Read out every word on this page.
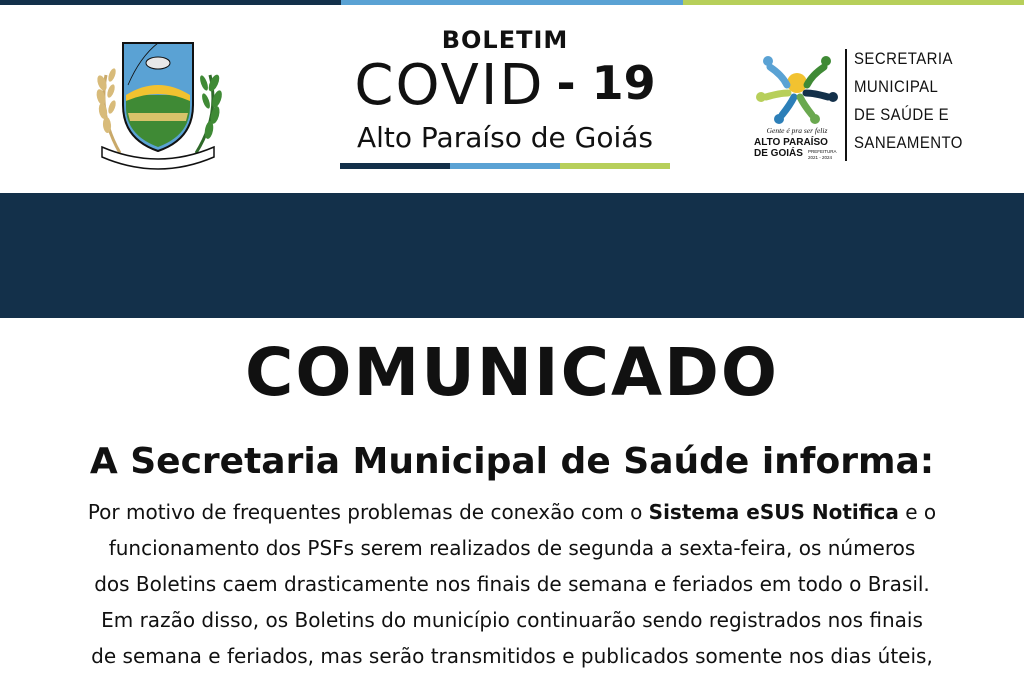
BOLETIM
COVID - 19
Alto Paraíso de Goiás	Gente é pra ser feliz
ALTO PARAÍSO
DE GOIÁS PREFEITURA
2021 - 2024
SECRETARIA
MUNICIPAL
DE SAÚDE E
SANEAMENTO
COMUNICADO
A Secretaria Municipal de Saúde informa:

Por motivo de frequentes problemas de conexão com o Sistema eSUS Notifica e o
funcionamento dos PSFs serem realizados de segunda a sexta-feira, os números
dos Boletins caem drasticamente nos finais de semana e feriados em todo o Brasil.
Em razão disso, os Boletins do município continuarão sendo registrados nos finais
de semana e feriados, mas serão transmitidos e publicados somente nos dias úteis,
